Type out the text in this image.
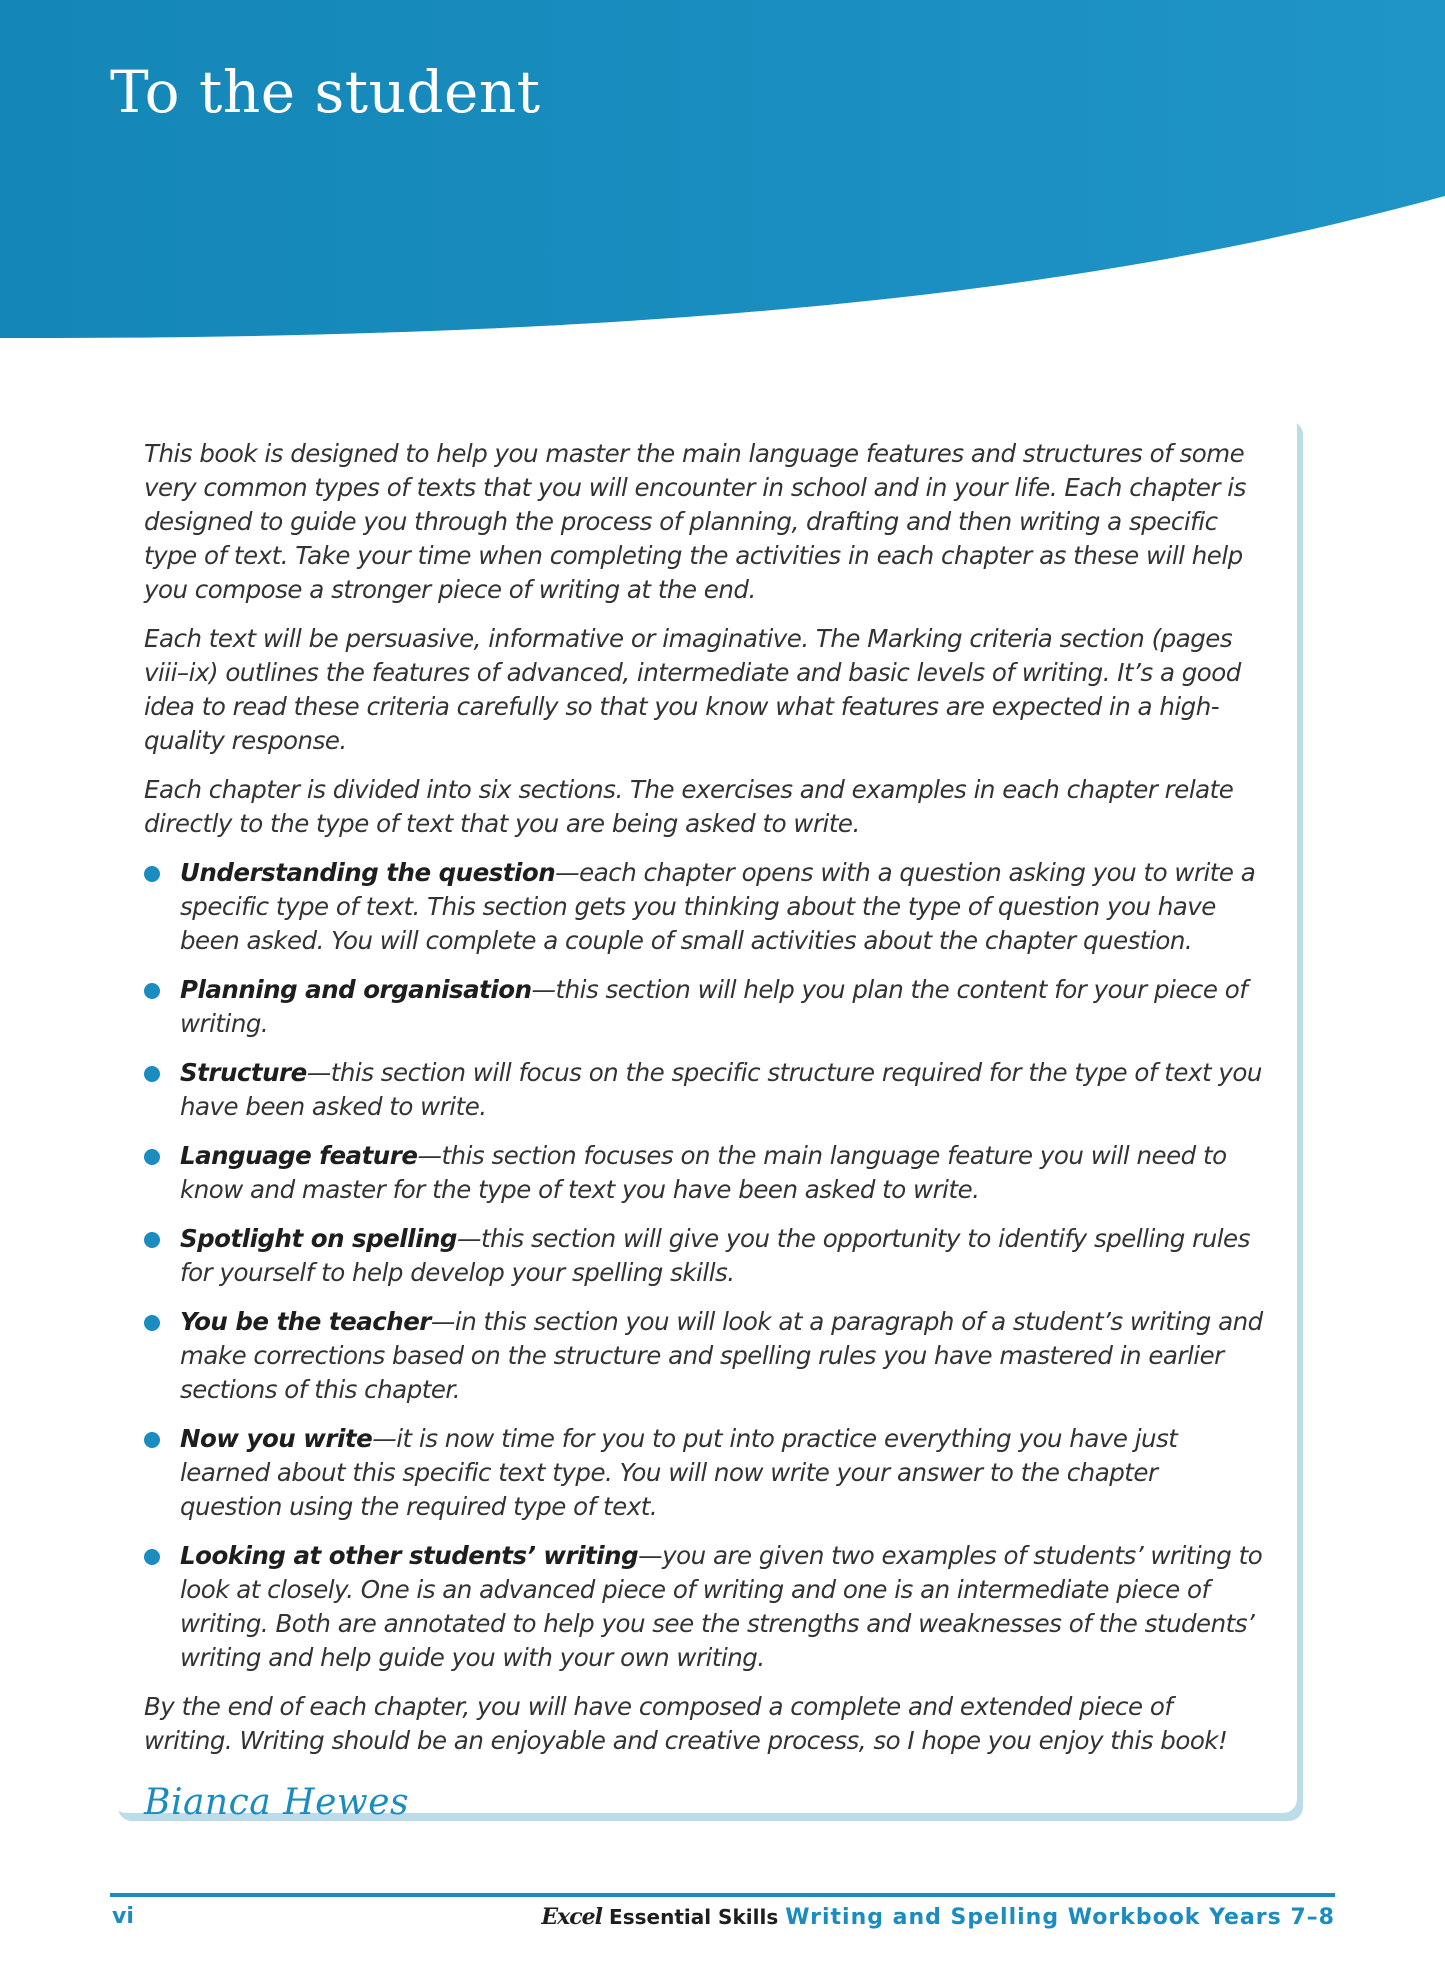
To the student

This book is designed to help you master the main language features and structures of some very common types of texts that you will encounter in school and in your life. Each chapter is designed to guide you through the process of planning, drafting and then writing a specific type of text. Take your time when completing the activities in each chapter as these will help you compose a stronger piece of writing at the end.

Each text will be persuasive, informative or imaginative. The Marking criteria section (pages viii–ix) outlines the features of advanced, intermediate and basic levels of writing. It’s a good idea to read these criteria carefully so that you know what features are expected in a high-quality response.

Each chapter is divided into six sections. The exercises and examples in each chapter relate directly to the type of text that you are being asked to write.

Understanding the question—each chapter opens with a question asking you to write a specific type of text. This section gets you thinking about the type of question you have been asked. You will complete a couple of small activities about the chapter question.
Planning and organisation—this section will help you plan the content for your piece of writing.
Structure—this section will focus on the specific structure required for the type of text you have been asked to write.
Language feature—this section focuses on the main language feature you will need to know and master for the type of text you have been asked to write.
Spotlight on spelling—this section will give you the opportunity to identify spelling rules for yourself to help develop your spelling skills.
You be the teacher—in this section you will look at a paragraph of a student’s writing and make corrections based on the structure and spelling rules you have mastered in earlier sections of this chapter.
Now you write—it is now time for you to put into practice everything you have just learned about this specific text type. You will now write your answer to the chapter question using the required type of text.
Looking at other students’ writing—you are given two examples of students’ writing to look at closely. One is an advanced piece of writing and one is an intermediate piece of writing. Both are annotated to help you see the strengths and weaknesses of the students’ writing and help guide you with your own writing.

By the end of each chapter, you will have composed a complete and extended piece of writing. Writing should be an enjoyable and creative process, so I hope you enjoy this book!

Bianca Hewes
vi	Excel Essential Skills Writing and Spelling Workbook Years 7–8
